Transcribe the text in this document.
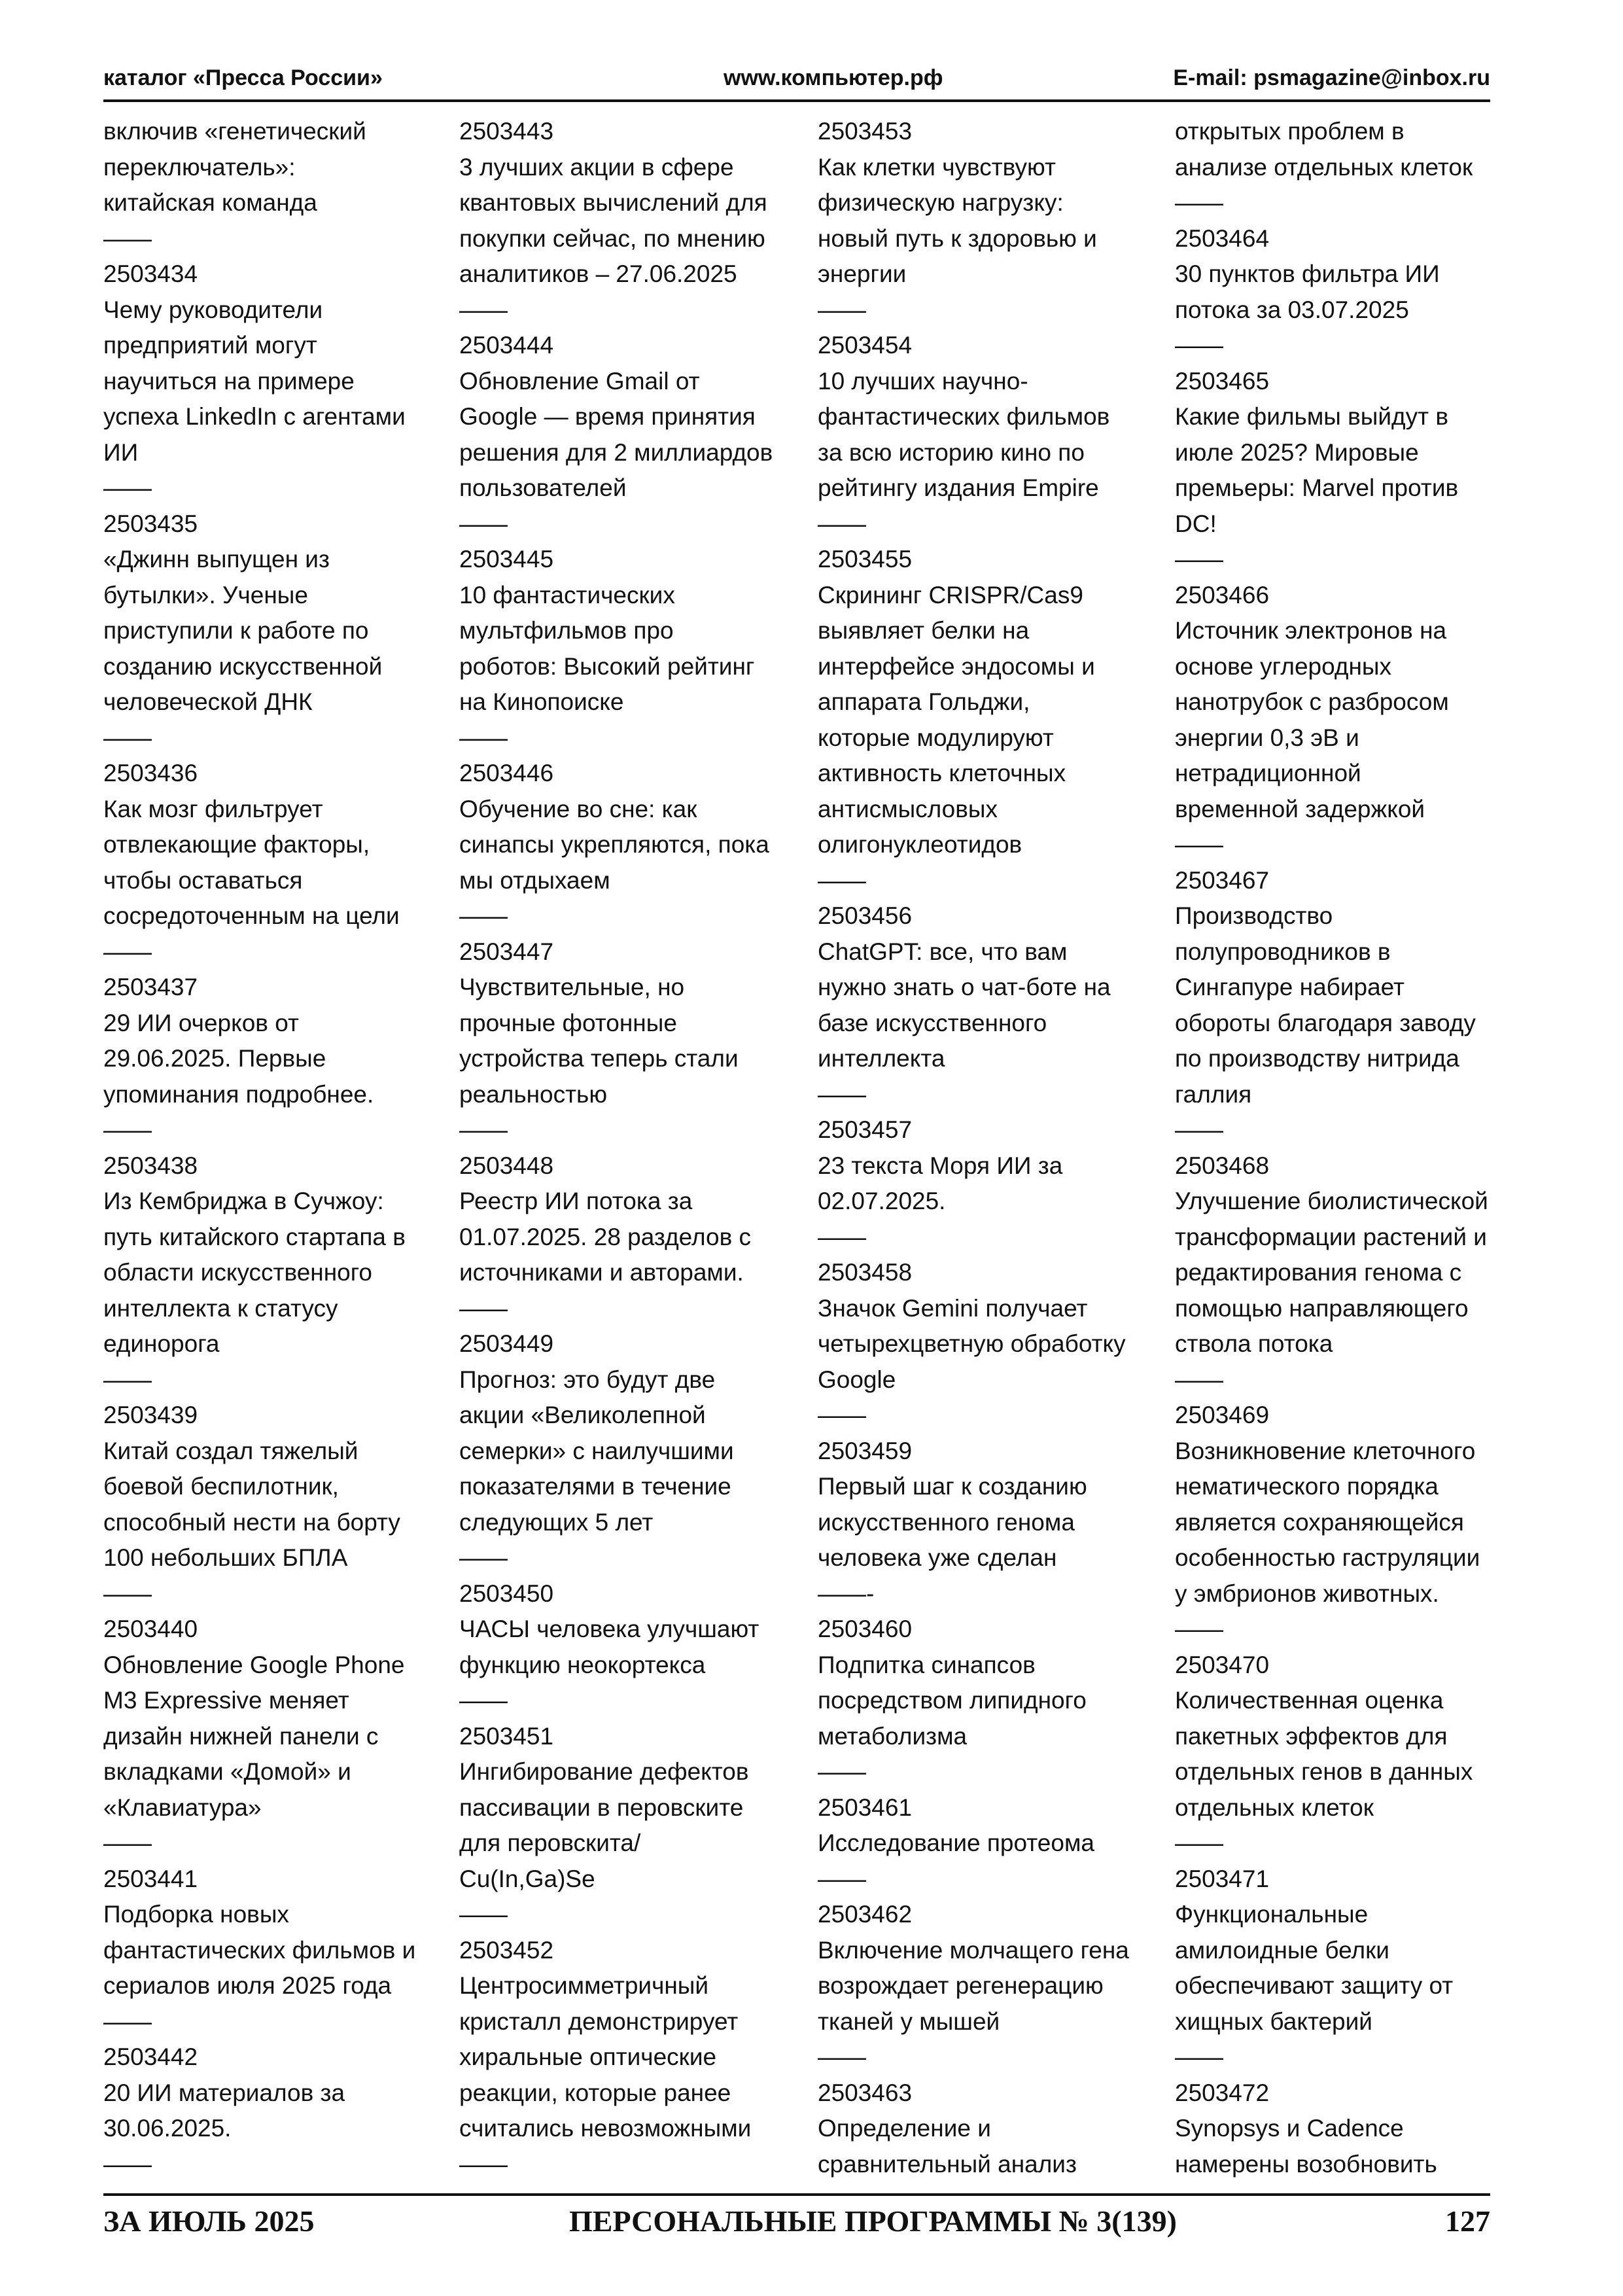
каталог «Пресса России»	www.компьютер.рф	E-mail: psmagazine@inbox.ru
включив «генетический
переключатель»:
китайская команда
——
2503434
Чему руководители
предприятий могут
научиться на примере
успеха LinkedIn с агентами
ИИ
——
2503435
«Джинн выпущен из
бутылки». Ученые
приступили к работе по
созданию искусственной
человеческой ДНК
——
2503436
Как мозг фильтрует
отвлекающие факторы,
чтобы оставаться
сосредоточенным на цели
——
2503437
29 ИИ очерков от
29.06.2025. Первые
упоминания подробнее.
——
2503438
Из Кембриджа в Сучжоу:
путь китайского стартапа в
области искусственного
интеллекта к статусу
единорога
——
2503439
Китай создал тяжелый
боевой беспилотник,
способный нести на борту
100 небольших БПЛА
——
2503440
Обновление Google Phone
M3 Expressive меняет
дизайн нижней панели с
вкладками «Домой» и
«Клавиатура»
——
2503441
Подборка новых
фантастических фильмов и
сериалов июля 2025 года
——
2503442
20 ИИ материалов за
30.06.2025.
——
2503443
3 лучших акции в сфере
квантовых вычислений для
покупки сейчас, по мнению
аналитиков – 27.06.2025
——
2503444
Обновление Gmail от
Google — время принятия
решения для 2 миллиардов
пользователей
——
2503445
10 фантастических
мультфильмов про
роботов: Высокий рейтинг
на Кинопоиске
——
2503446
Обучение во сне: как
синапсы укрепляются, пока
мы отдыхаем
——
2503447
Чувствительные, но
прочные фотонные
устройства теперь стали
реальностью
——
2503448
Реестр ИИ потока за
01.07.2025. 28 разделов с
источниками и авторами.
——
2503449
Прогноз: это будут две
акции «Великолепной
семерки» с наилучшими
показателями в течение
следующих 5 лет
——
2503450
ЧАСЫ человека улучшают
функцию неокортекса
——
2503451
Ингибирование дефектов
пассивации в перовските
для перовскита/
Cu(In,Ga)Se
——
2503452
Центросимметричный
кристалл демонстрирует
хиральные оптические
реакции, которые ранее
считались невозможными
——
2503453
Как клетки чувствуют
физическую нагрузку:
новый путь к здоровью и
энергии
——
2503454
10 лучших научно-
фантастических фильмов
за всю историю кино по
рейтингу издания Empire
——
2503455
Скрининг CRISPR/Cas9
выявляет белки на
интерфейсе эндосомы и
аппарата Гольджи,
которые модулируют
активность клеточных
антисмысловых
олигонуклеотидов
——
2503456
ChatGPT: все, что вам
нужно знать о чат-боте на
базе искусственного
интеллекта
——
2503457
23 текста Моря ИИ за
02.07.2025.
——
2503458
Значок Gemini получает
четырехцветную обработку
Google
——
2503459
Первый шаг к созданию
искусственного генома
человека уже сделан
——-
2503460
Подпитка синапсов
посредством липидного
метаболизма
——
2503461
Исследование протеома
——
2503462
Включение молчащего гена
возрождает регенерацию
тканей у мышей
——
2503463
Определение и
сравнительный анализ
открытых проблем в
анализе отдельных клеток
——
2503464
30 пунктов фильтра ИИ
потока за 03.07.2025
——
2503465
Какие фильмы выйдут в
июле 2025? Мировые
премьеры: Marvel против
DC!
——
2503466
Источник электронов на
основе углеродных
нанотрубок с разбросом
энергии 0,3 эВ и
нетрадиционной
временной задержкой
——
2503467
Производство
полупроводников в
Сингапуре набирает
обороты благодаря заводу
по производству нитрида
галлия
——
2503468
Улучшение биолистической
трансформации растений и
редактирования генома с
помощью направляющего
ствола потока
——
2503469
Возникновение клеточного
нематического порядка
является сохраняющейся
особенностью гаструляции
у эмбрионов животных.
——
2503470
Количественная оценка
пакетных эффектов для
отдельных генов в данных
отдельных клеток
——
2503471
Функциональные
амилоидные белки
обеспечивают защиту от
хищных бактерий
——
2503472
Synopsys и Cadence
намерены возобновить
ЗА ИЮЛЬ 2025	ПЕРСОНАЛЬНЫЕ ПРОГРАММЫ № 3(139)	127
